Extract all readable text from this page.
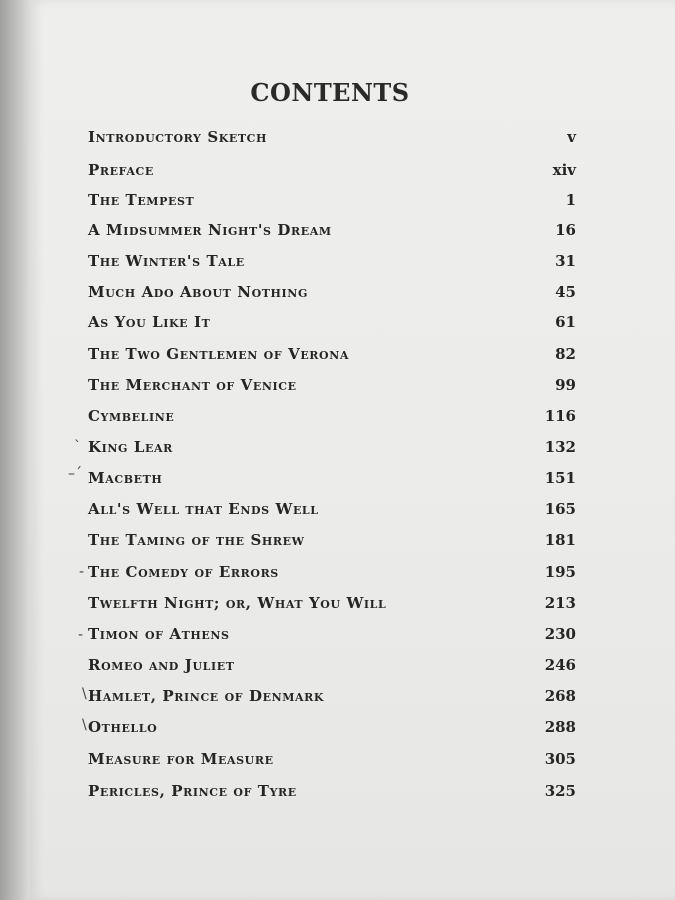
CONTENTS
Introductory Sketch	v
Preface	xiv
The Tempest	1
A Midsummer Night's Dream	16
The Winter's Tale	31
Much Ado About Nothing	45
As You Like It	61
The Two Gentlemen of Verona	82
The Merchant of Venice	99
Cymbeline	116
King Lear	132
Macbeth	151
All's Well that Ends Well	165
The Taming of the Shrew	181
The Comedy of Errors	195
Twelfth Night; or, What You Will	213
Timon of Athens	230
Romeo and Juliet	246
Hamlet, Prince of Denmark	268
Othello	288
Measure for Measure	305
Pericles, Prince of Tyre	325
ˋ
–ˊ
-
-
\
\
